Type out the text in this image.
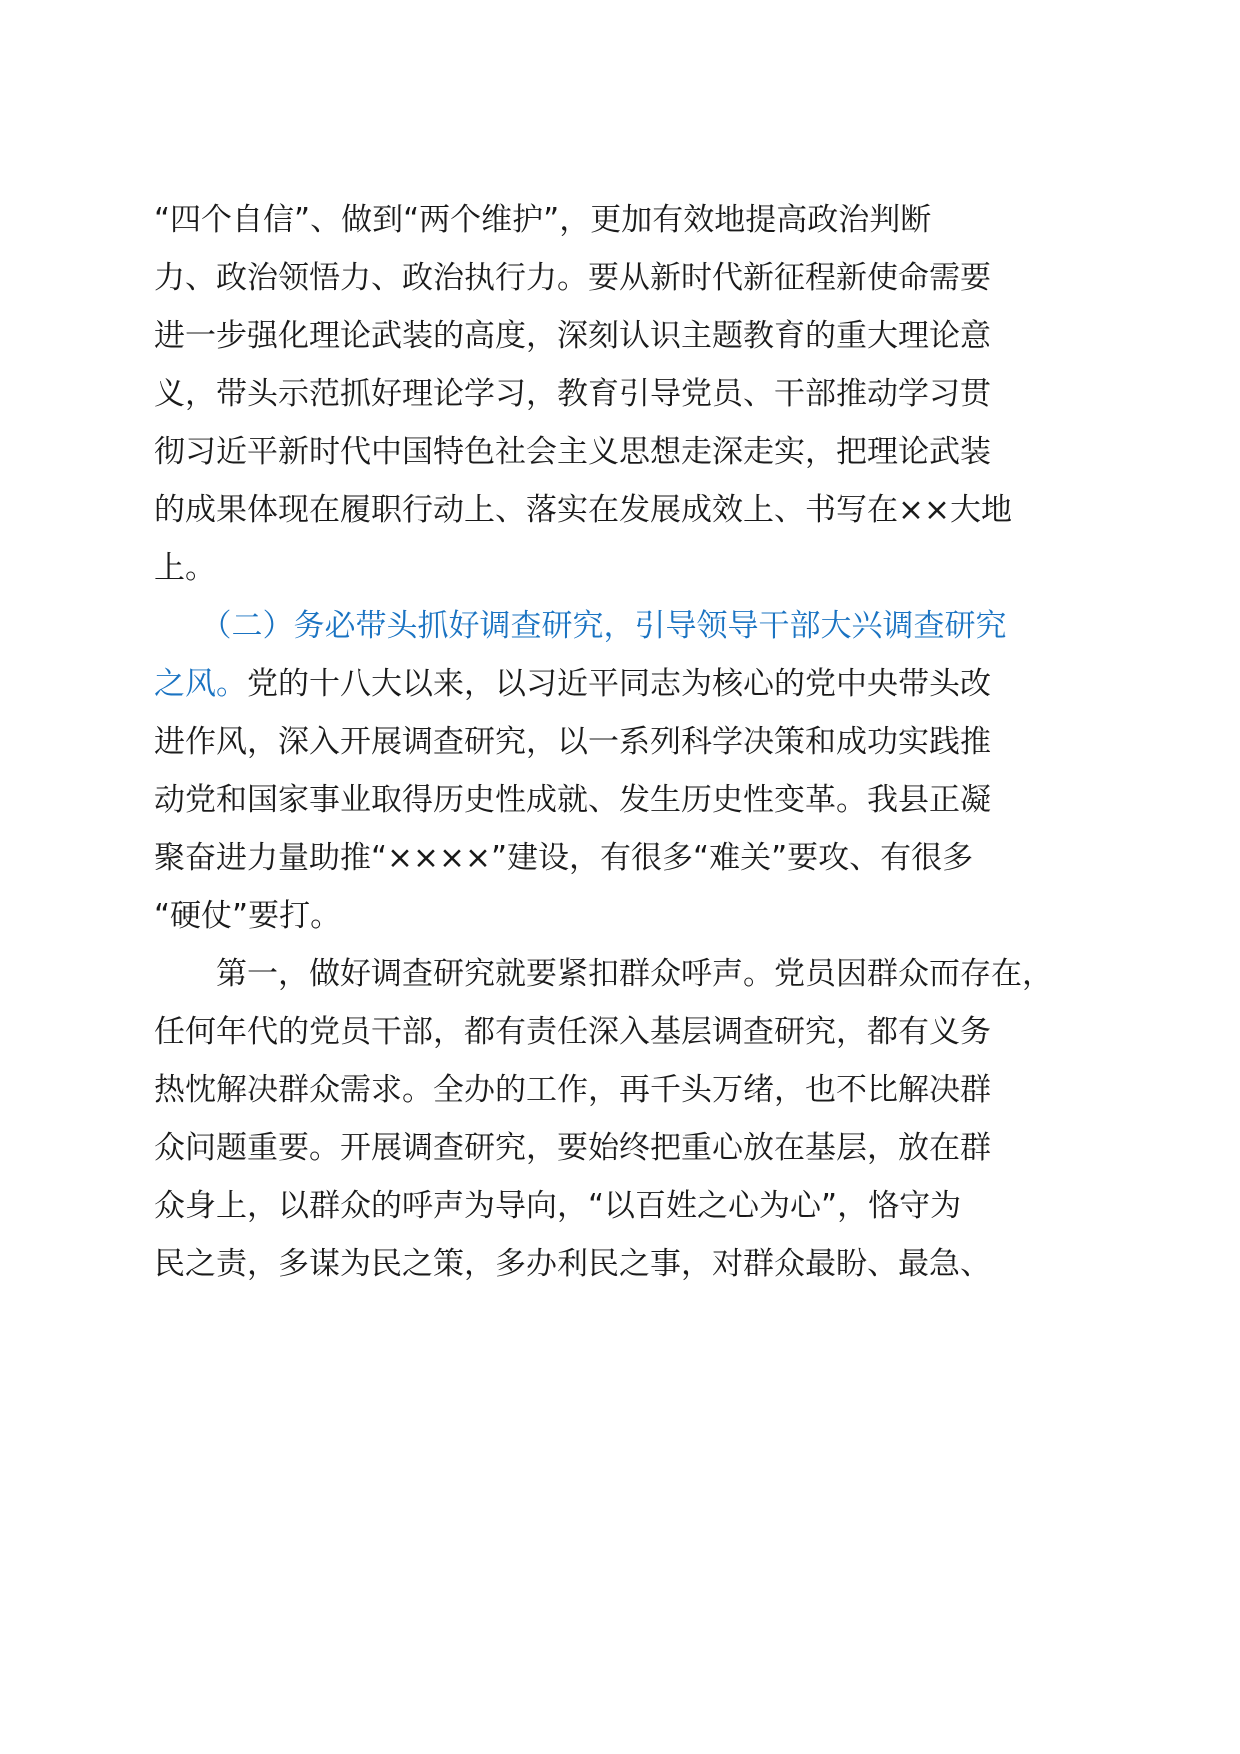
“四个自信”、做到“两个维护”，更加有效地提高政治判断
力、政治领悟力、政治执行力。要从新时代新征程新使命需要
进一步强化理论武装的高度，深刻认识主题教育的重大理论意
义，带头示范抓好理论学习，教育引导党员、干部推动学习贯
彻习近平新时代中国特色社会主义思想走深走实，把理论武装
的成果体现在履职行动上、落实在发展成效上、书写在××大地
上。
　　（二）务必带头抓好调查研究，引导领导干部大兴调查研究
之风。党的十八大以来，以习近平同志为核心的党中央带头改
进作风，深入开展调查研究，以一系列科学决策和成功实践推
动党和国家事业取得历史性成就、发生历史性变革。我县正凝
聚奋进力量助推“××××”建设，有很多“难关”要攻、有很多
“硬仗”要打。
　　第一，做好调查研究就要紧扣群众呼声。党员因群众而存在，
任何年代的党员干部，都有责任深入基层调查研究，都有义务
热忱解决群众需求。全办的工作，再千头万绪，也不比解决群
众问题重要。开展调查研究，要始终把重心放在基层，放在群
众身上，以群众的呼声为导向，“以百姓之心为心”，恪守为
民之责，多谋为民之策，多办利民之事，对群众最盼、最急、
